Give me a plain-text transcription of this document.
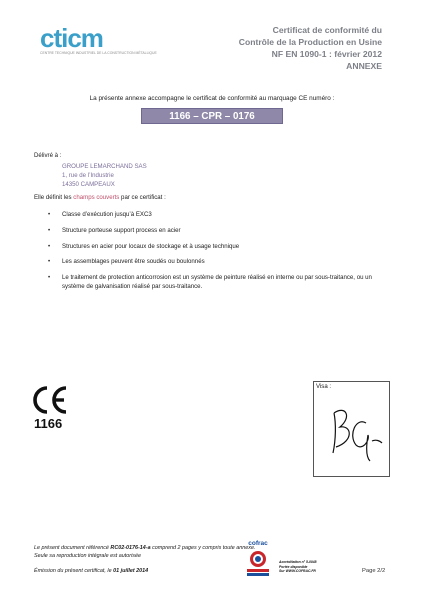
cticm
CENTRE TECHNIQUE INDUSTRIEL DE LA CONSTRUCTION MÉTALLIQUE
Certificat de conformité du
Contrôle de la Production en Usine
NF EN 1090-1 : février 2012
ANNEXE
La présente annexe accompagne le certificat de conformité au marquage CE numéro :
1166 – CPR – 0176
Délivré à :
GROUPE LEMARCHAND SAS
1, rue de l’Industrie
14350 CAMPEAUX
Elle définit les champs couverts par ce certificat :
• Classe d’exécution jusqu’à EXC3
• Structure porteuse support process en acier
• Structures en acier pour locaux de stockage et à usage technique
• Les assemblages peuvent être soudés ou boulonnés
• Le traitement de protection anticorrosion est un système de peinture réalisé en interne ou par sous-traitance, ou un système de galvanisation réalisé par sous-traitance.
1166
Visa :
Le présent document référencé RC02-0176-14-a comprend 2 pages y compris toute annexe. Seule sa reproduction intégrale est autorisée
Émission du présent certificat, le 01 juillet 2014
cofrac
Accréditation n° 5-0048
Portée disponible
Sur WWW.COFRAC.FR	Page 2/2
